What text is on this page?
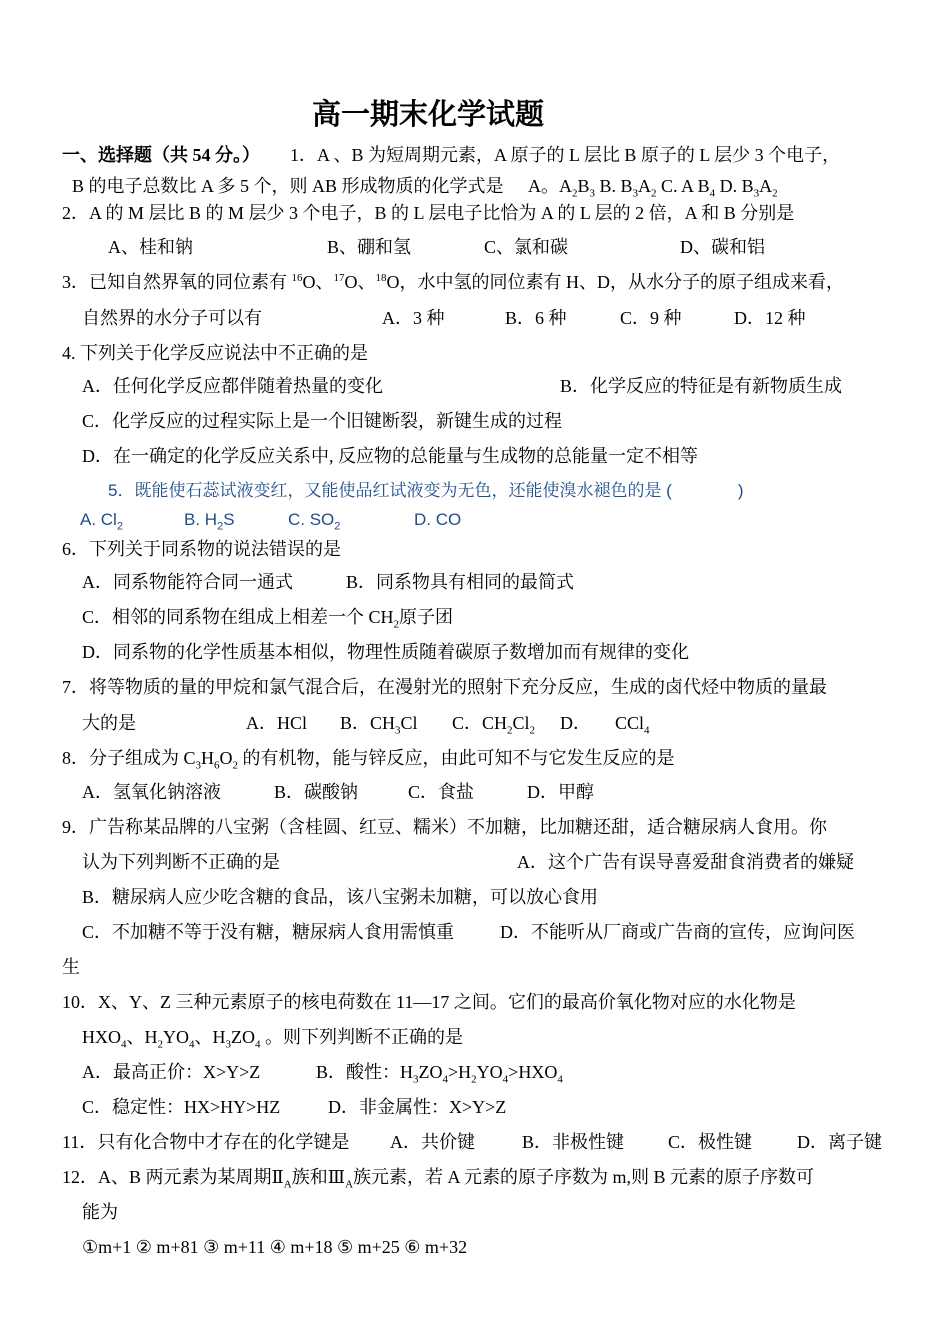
高一期末化学试题
一、选择题（共 54 分。） 1．A 、B 为短周期元素，A 原子的 L 层比 B 原子的 L 层少 3 个电子，
B 的电子总数比 A 多 5 个，则 AB 形成物质的化学式是 A。$A_2B_3$ B. $B_3A_2$ C. A $B_4$ D. $B_3A_2$
2．A 的 M 层比 B 的 M 层少 3 个电子，B 的 L 层电子比恰为 A 的 L 层的 2 倍，A 和 B 分别是
A、桂和钠	B、硼和氢	C、氯和碳	D、碳和铝
3．已知自然界氧的同位素有 $^{16}$O、$^{17}$O、$^{18}$O，水中氢的同位素有 H、D，从水分子的原子组成来看，
自然界的水分子可以有	A．3 种	B．6 种	C．9 种	D．12 种
4. 下列关于化学反应说法中不正确的是
A．任何化学反应都伴随着热量的变化	B．化学反应的特征是有新物质生成
C．化学反应的过程实际上是一个旧键断裂，新键生成的过程
D．在一确定的化学反应关系中, 反应物的总能量与生成物的总能量一定不相等
5．既能使石蕊试液变红，又能使品红试液变为无色，还能使溴水褪色的是 (	)
A. $Cl_2$	B. $H_2S$	C. $SO_2$	D. CO
6．下列关于同系物的说法错误的是
A．同系物能符合同一通式	B．同系物具有相同的最简式
C．相邻的同系物在组成上相差一个 $CH_2$原子团
D．同系物的化学性质基本相似，物理性质随着碳原子数增加而有规律的变化
7．将等物质的量的甲烷和氯气混合后，在漫射光的照射下充分反应，生成的卤代烃中物质的量最
大的是	A．HCl B．$CH_3Cl$ C．$CH_2Cl_2$ D． CCl$_4$
8．分子组成为 $C_3H_6O_2$ 的有机物，能与锌反应，由此可知不与它发生反应的是
A．氢氧化钠溶液	B．碳酸钠	C．食盐	D．甲醇
9．广告称某品牌的八宝粥（含桂圆、红豆、糯米）不加糖，比加糖还甜，适合糖尿病人食用。你
认为下列判断不正确的是	A．这个广告有误导喜爱甜食消费者的嫌疑
B．糖尿病人应少吃含糖的食品，该八宝粥未加糖，可以放心食用
C．不加糖不等于没有糖，糖尿病人食用需慎重	D．不能听从厂商或广告商的宣传，应询问医
生
10．X、Y、Z 三种元素原子的核电荷数在 11—17 之间。它们的最高价氧化物对应的水化物是
$HXO_4$、$H_2YO_4$、$H_3ZO_4$ 。则下列判断不正确的是
A．最高正价：X>Y>Z	B．酸性：$H_3ZO_4>H_2YO_4>HXO_4$
C．稳定性：HX>HY>HZ	D．非金属性：X>Y>Z
11．只有化合物中才存在的化学键是 A．共价键	B．非极性键 C．极性键 D．离子键
12．A、B 两元素为某周期$Ⅱ_A$族和$Ⅲ_A$族元素，若 A 元素的原子序数为 m,则 B 元素的原子序数可
能为
①m+1 ② m+81 ③ m+11 ④ m+18 ⑤ m+25 ⑥ m+32
